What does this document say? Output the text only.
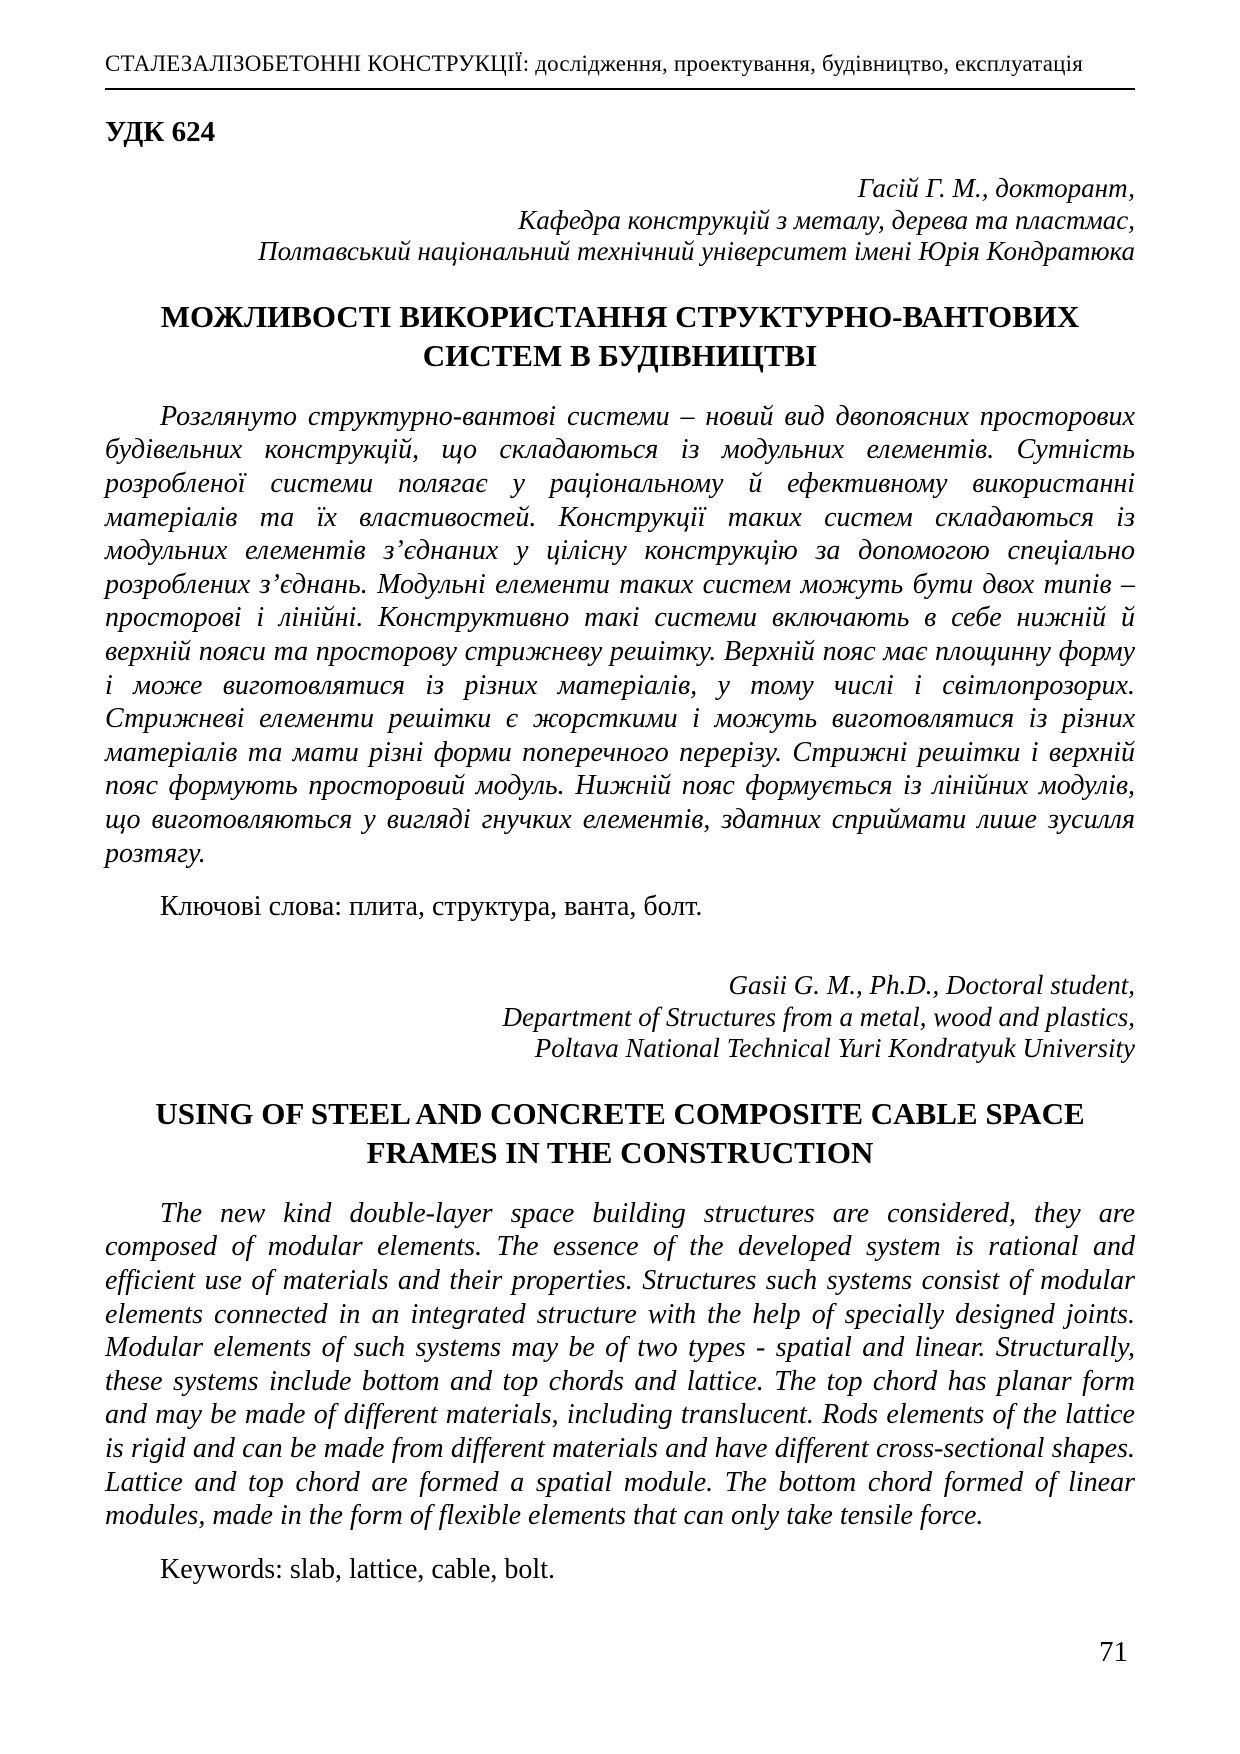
СТАЛЕЗАЛІЗОБЕТОННІ КОНСТРУКЦІЇ: дослідження, проектування, будівництво, експлуатація
УДК 624
Гасій Г. М., докторант,
Кафедра конструкцій з металу, дерева та пластмас,
Полтавський національний технічний університет імені Юрія Кондратюка
МОЖЛИВОСТІ ВИКОРИСТАННЯ СТРУКТУРНО-ВАНТОВИХ СИСТЕМ В БУДІВНИЦТВІ

Розглянуто структурно-вантові системи – новий вид двопоясних просторових будівельних конструкцій, що складаються із модульних елементів. Сутність розробленої системи полягає у раціональному й ефективному використанні матеріалів та їх властивостей. Конструкції таких систем складаються із модульних елементів з’єднаних у цілісну конструкцію за допомогою спеціально розроблених з’єднань. Модульні елементи таких систем можуть бути двох типів – просторові і лінійні. Конструктивно такі системи включають в себе нижній й верхній пояси та просторову стрижневу решітку. Верхній пояс має площинну форму і може виготовлятися із різних матеріалів, у тому числі і світлопрозорих. Стрижневі елементи решітки є жорсткими і можуть виготовлятися із різних матеріалів та мати різні форми поперечного перерізу. Стрижні решітки і верхній пояс формують просторовий модуль. Нижній пояс формується із лінійних модулів, що виготовляються у вигляді гнучких елементів, здатних сприймати лише зусилля розтягу.

Ключові слова: плита, структура, ванта, болт.

Gasii G. M., Ph.D., Doctoral student,
Department of Structures from a metal, wood and plastics,
Poltava National Technical Yuri Kondratyuk University
USING OF STEEL AND CONCRETE COMPOSITE CABLE SPACE FRAMES IN THE CONSTRUCTION

The new kind double-layer space building structures are considered, they are composed of modular elements. The essence of the developed system is rational and efficient use of materials and their properties. Structures such systems consist of modular elements connected in an integrated structure with the help of specially designed joints. Modular elements of such systems may be of two types - spatial and linear. Structurally, these systems include bottom and top chords and lattice. The top chord has planar form and may be made of different materials, including translucent. Rods elements of the lattice is rigid and can be made from different materials and have different cross-sectional shapes. Lattice and top chord are formed a spatial module. The bottom chord formed of linear modules, made in the form of flexible elements that can only take tensile force.

Keywords: slab, lattice, cable, bolt.

71
